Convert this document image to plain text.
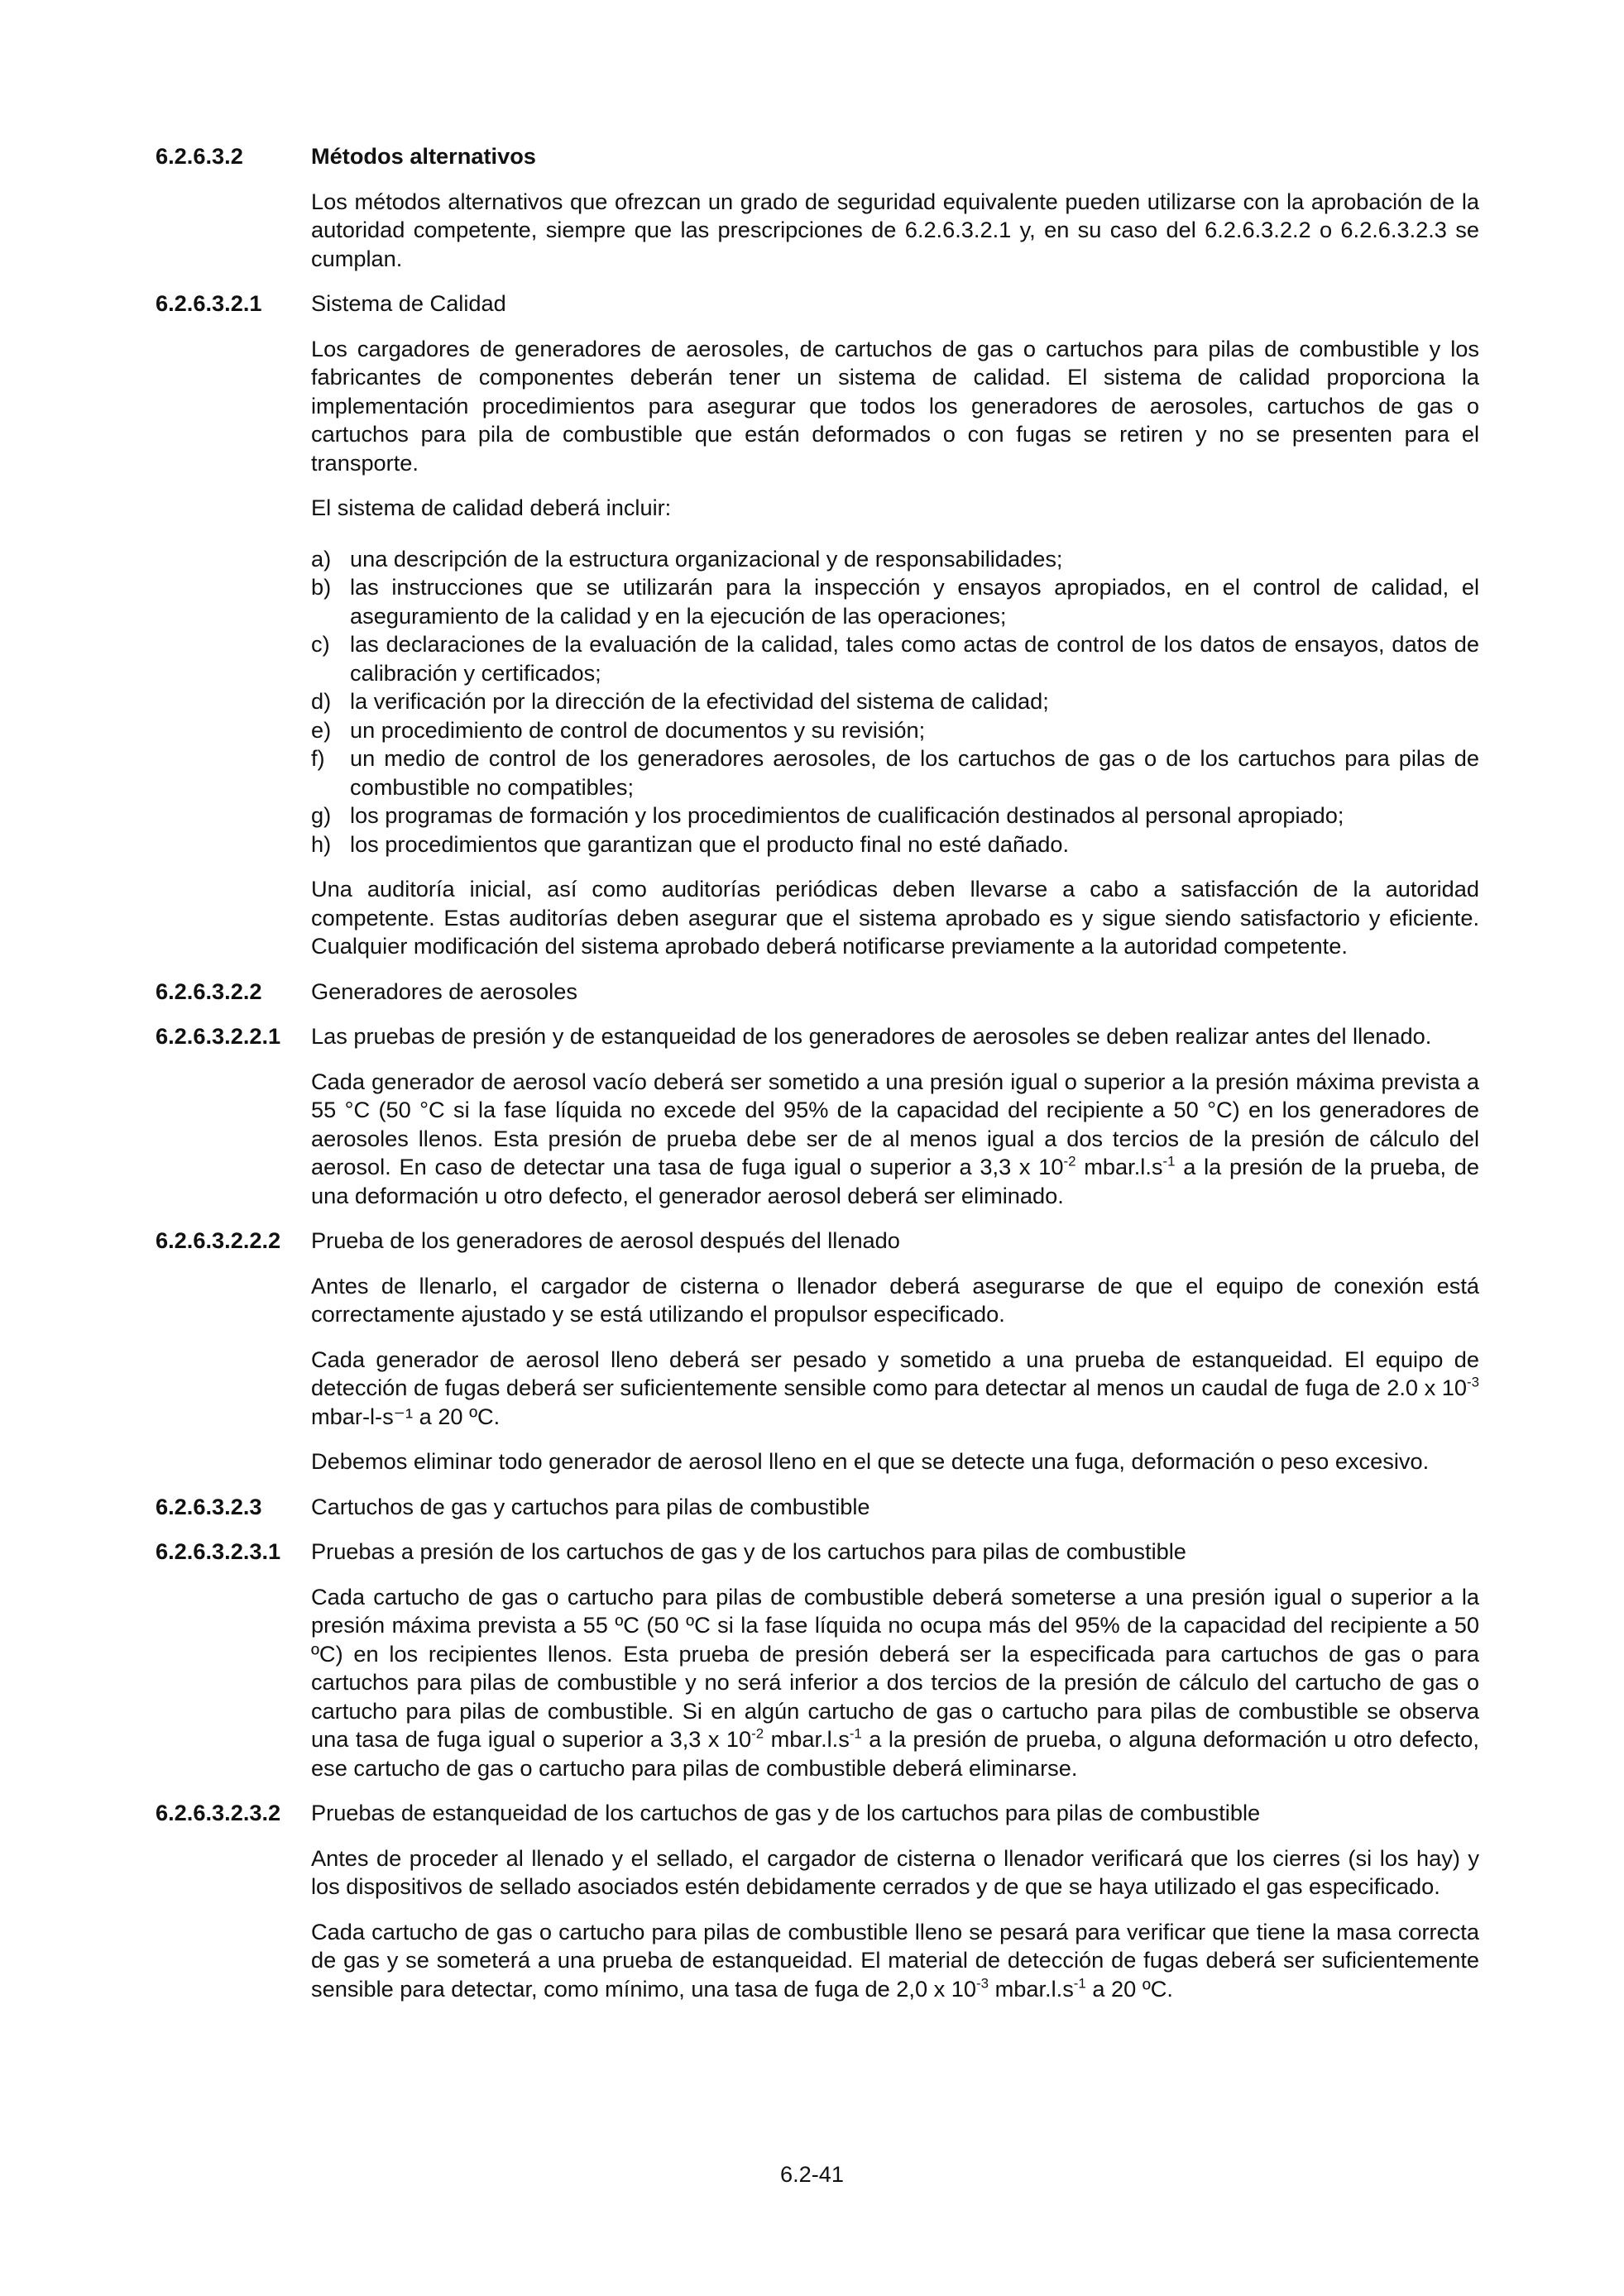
6.2.6.3.2	Métodos alternativos
Los métodos alternativos que ofrezcan un grado de seguridad equivalente pueden utilizarse con la aprobación de la autoridad competente, siempre que las prescripciones de 6.2.6.3.2.1 y, en su caso del 6.2.6.3.2.2 o 6.2.6.3.2.3 se cumplan.
6.2.6.3.2.1	Sistema de Calidad
Los cargadores de generadores de aerosoles, de cartuchos de gas o cartuchos para pilas de combustible y los fabricantes de componentes deberán tener un sistema de calidad. El sistema de calidad proporciona la implementación procedimientos para asegurar que todos los generadores de aerosoles, cartuchos de gas o cartuchos para pila de combustible que están deformados o con fugas se retiren y no se presenten para el transporte.
El sistema de calidad deberá incluir:
a) una descripción de la estructura organizacional y de responsabilidades;
b) las instrucciones que se utilizarán para la inspección y ensayos apropiados, en el control de calidad, el aseguramiento de la calidad y en la ejecución de las operaciones;
c) las declaraciones de la evaluación de la calidad, tales como actas de control de los datos de ensayos, datos de calibración y certificados;
d) la verificación por la dirección de la efectividad del sistema de calidad;
e) un procedimiento de control de documentos y su revisión;
f)	un medio de control de los generadores aerosoles, de los cartuchos de gas o de los cartuchos para pilas de combustible no compatibles;
g) los programas de formación y los procedimientos de cualificación destinados al personal apropiado;
h) los procedimientos que garantizan que el producto final no esté dañado.
Una auditoría inicial, así como auditorías periódicas deben llevarse a cabo a satisfacción de la autoridad competente. Estas auditorías deben asegurar que el sistema aprobado es y sigue siendo satisfactorio y eficiente. Cualquier modificación del sistema aprobado deberá notificarse previamente a la autoridad competente.
6.2.6.3.2.2	Generadores de aerosoles
6.2.6.3.2.2.1	Las pruebas de presión y de estanqueidad de los generadores de aerosoles se deben realizar antes del llenado.
Cada generador de aerosol vacío deberá ser sometido a una presión igual o superior a la presión máxima prevista a 55 °C (50 °C si la fase líquida no excede del 95% de la capacidad del recipiente a 50 °C) en los generadores de aerosoles llenos. Esta presión de prueba debe ser de al menos igual a dos tercios de la presión de cálculo del aerosol. En caso de detectar una tasa de fuga igual o superior a 3,3 x $10^{-2}$ $mbar.l.s^{-1}$ a la presión de la prueba, de una deformación u otro defecto, el generador aerosol deberá ser eliminado.
6.2.6.3.2.2.2	Prueba de los generadores de aerosol después del llenado
Antes de llenarlo, el cargador de cisterna o llenador deberá asegurarse de que el equipo de conexión está correctamente ajustado y se está utilizando el propulsor especificado.
Cada generador de aerosol lleno deberá ser pesado y sometido a una prueba de estanqueidad. El equipo de detección de fugas deberá ser suficientemente sensible como para detectar al menos un caudal de fuga de 2.0 x $10^{-3}$ mbar-l-s⁻¹ a 20 ºC.
Debemos eliminar todo generador de aerosol lleno en el que se detecte una fuga, deformación o peso excesivo.
6.2.6.3.2.3	Cartuchos de gas y cartuchos para pilas de combustible
6.2.6.3.2.3.1	Pruebas a presión de los cartuchos de gas y de los cartuchos para pilas de combustible
Cada cartucho de gas o cartucho para pilas de combustible deberá someterse a una presión igual o superior a la presión máxima prevista a 55 ºC (50 ºC si la fase líquida no ocupa más del 95% de la capacidad del recipiente a 50 ºC) en los recipientes llenos. Esta prueba de presión deberá ser la especificada para cartuchos de gas o para cartuchos para pilas de combustible y no será inferior a dos tercios de la presión de cálculo del cartucho de gas o cartucho para pilas de combustible. Si en algún cartucho de gas o cartucho para pilas de combustible se observa una tasa de fuga igual o superior a 3,3 x $10^{-2}$ $mbar.l.s^{-1}$ a la presión de prueba, o alguna deformación u otro defecto, ese cartucho de gas o cartucho para pilas de combustible deberá eliminarse.
6.2.6.3.2.3.2	Pruebas de estanqueidad de los cartuchos de gas y de los cartuchos para pilas de combustible
Antes de proceder al llenado y el sellado, el cargador de cisterna o llenador verificará que los cierres (si los hay) y los dispositivos de sellado asociados estén debidamente cerrados y de que se haya utilizado el gas especificado.
Cada cartucho de gas o cartucho para pilas de combustible lleno se pesará para verificar que tiene la masa correcta de gas y se someterá a una prueba de estanqueidad. El material de detección de fugas deberá ser suficientemente sensible para detectar, como mínimo, una tasa de fuga de 2,0 x $10^{-3}$ $mbar.l.s^{-1}$ a 20 ºC.
6.2-41
